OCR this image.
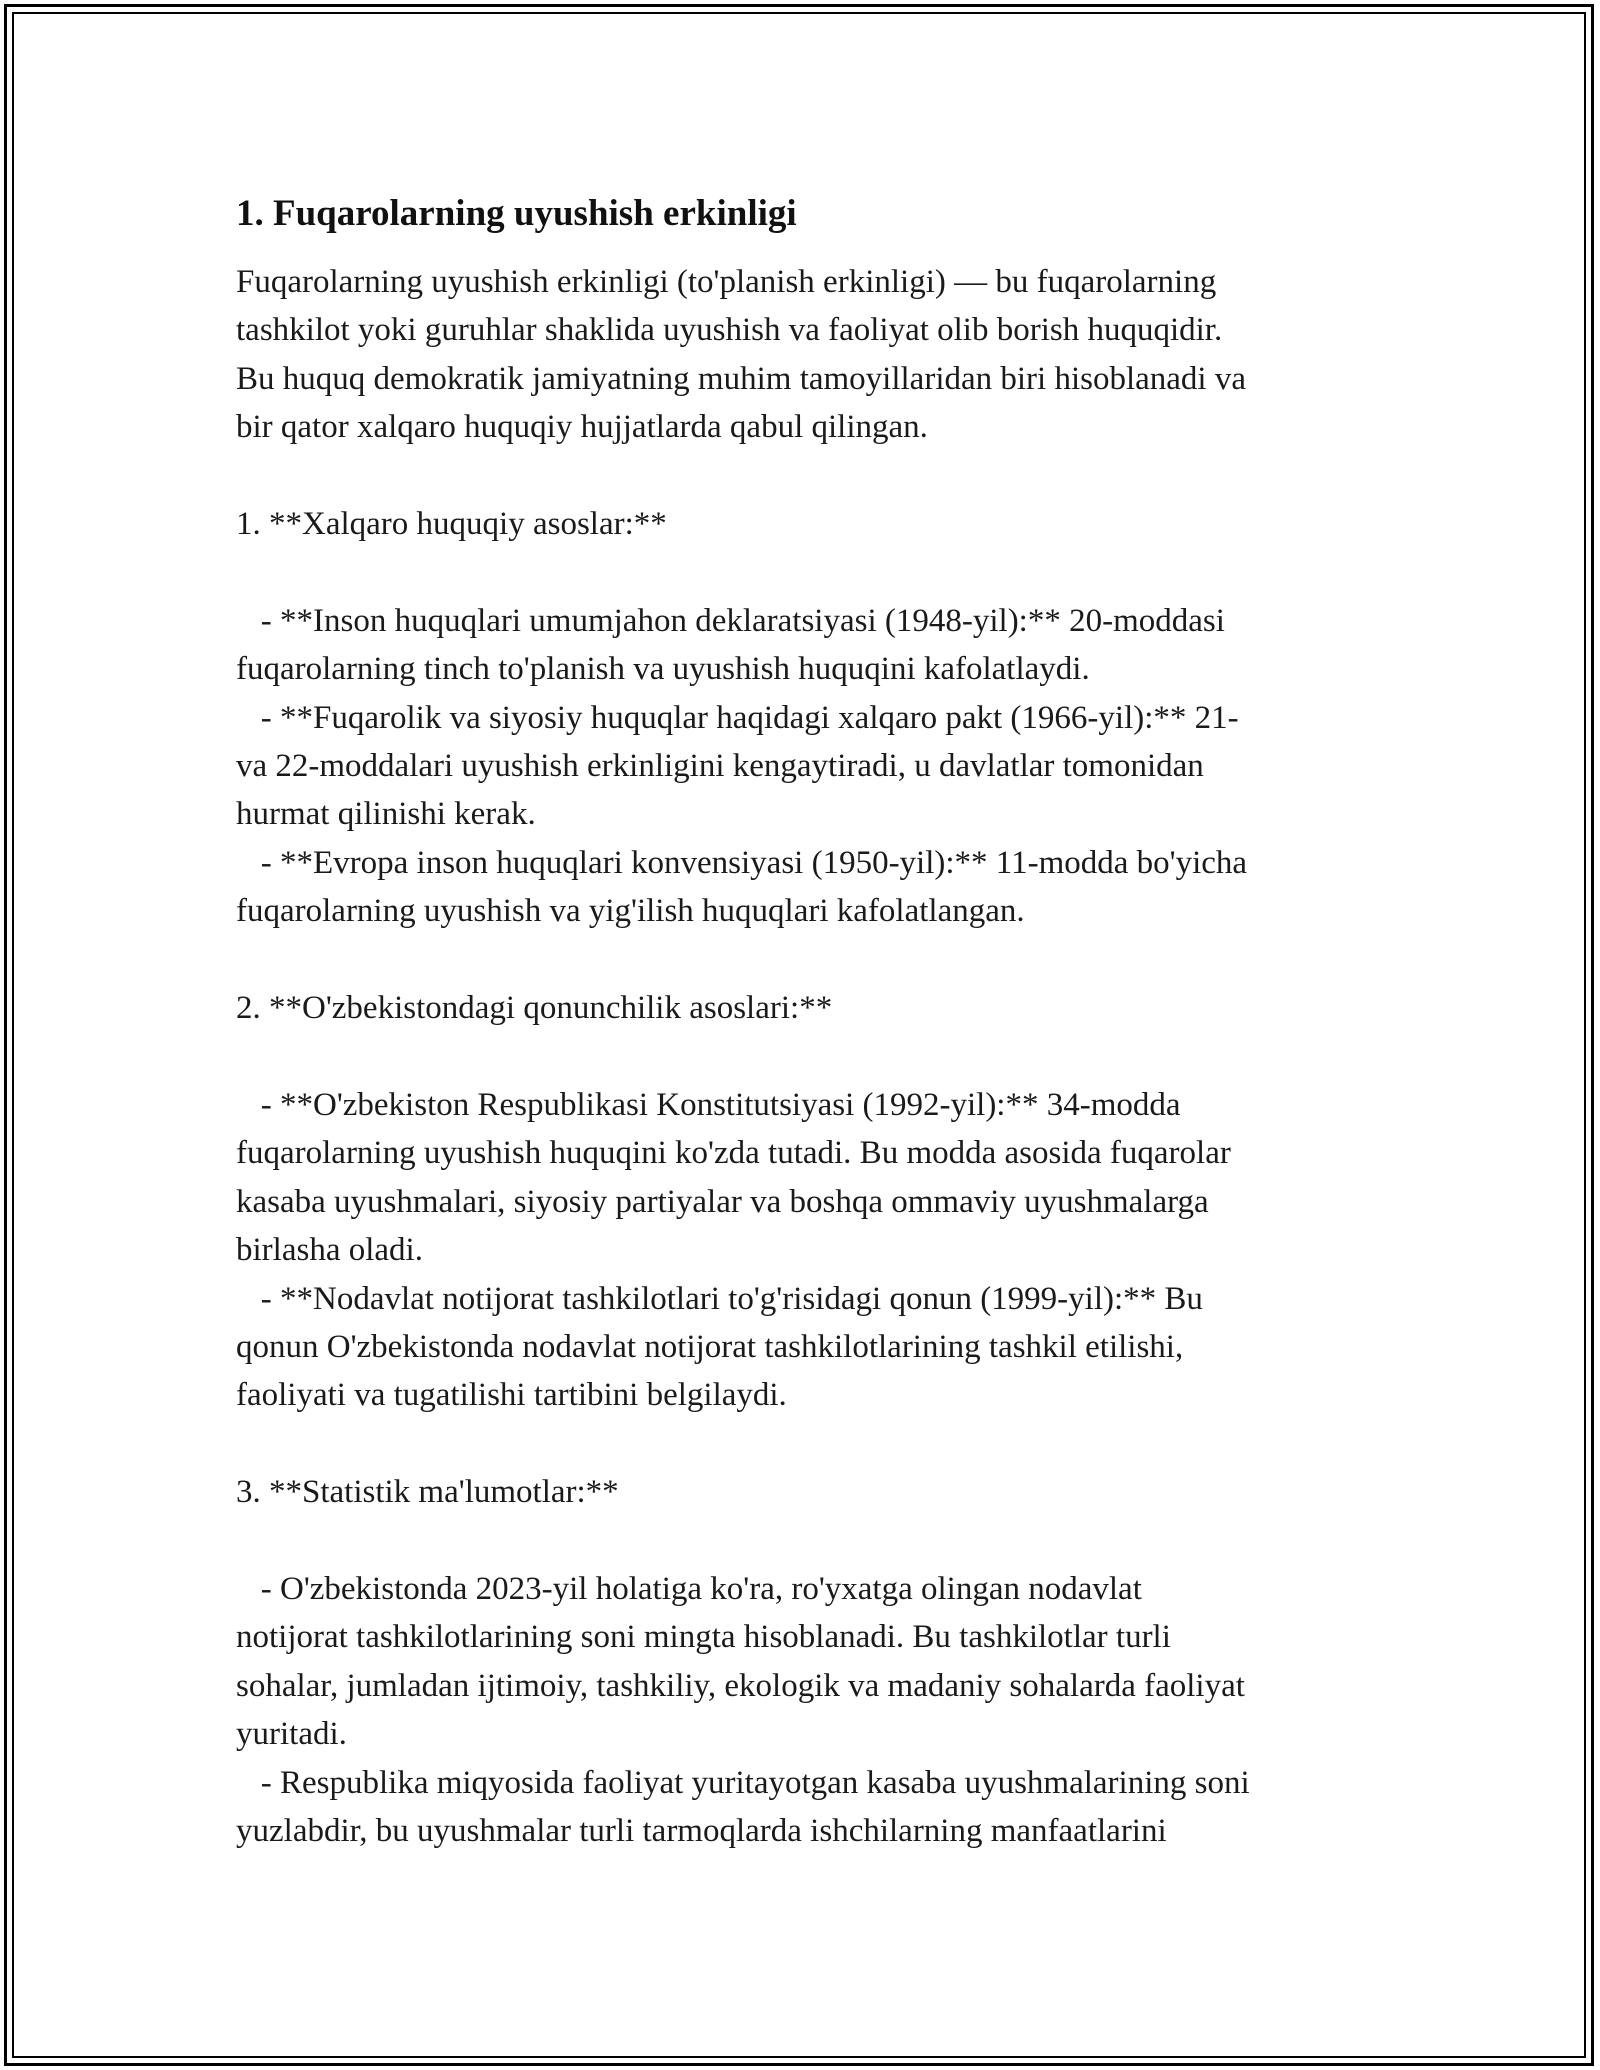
1. Fuqarolarning uyushish erkinligi

Fuqarolarning uyushish erkinligi (to'planish erkinligi) — bu fuqarolarning
tashkilot yoki guruhlar shaklida uyushish va faoliyat olib borish huquqidir.
Bu huquq demokratik jamiyatning muhim tamoyillaridan biri hisoblanadi va
bir qator xalqaro huquqiy hujjatlarda qabul qilingan.

1. **Xalqaro huquqiy asoslar:**

- **Inson huquqlari umumjahon deklaratsiyasi (1948-yil):** 20-moddasi
fuqarolarning tinch to'planish va uyushish huquqini kafolatlaydi.
- **Fuqarolik va siyosiy huquqlar haqidagi xalqaro pakt (1966-yil):** 21-
va 22-moddalari uyushish erkinligini kengaytiradi, u davlatlar tomonidan
hurmat qilinishi kerak.
- **Evropa inson huquqlari konvensiyasi (1950-yil):** 11-modda bo'yicha
fuqarolarning uyushish va yig'ilish huquqlari kafolatlangan.

2. **O'zbekistondagi qonunchilik asoslari:**

- **O'zbekiston Respublikasi Konstitutsiyasi (1992-yil):** 34-modda
fuqarolarning uyushish huquqini ko'zda tutadi. Bu modda asosida fuqarolar
kasaba uyushmalari, siyosiy partiyalar va boshqa ommaviy uyushmalarga
birlasha oladi.
- **Nodavlat notijorat tashkilotlari to'g'risidagi qonun (1999-yil):** Bu
qonun O'zbekistonda nodavlat notijorat tashkilotlarining tashkil etilishi,
faoliyati va tugatilishi tartibini belgilaydi.

3. **Statistik ma'lumotlar:**

- O'zbekistonda 2023-yil holatiga ko'ra, ro'yxatga olingan nodavlat
notijorat tashkilotlarining soni mingta hisoblanadi. Bu tashkilotlar turli
sohalar, jumladan ijtimoiy, tashkiliy, ekologik va madaniy sohalarda faoliyat
yuritadi.
- Respublika miqyosida faoliyat yuritayotgan kasaba uyushmalarining soni
yuzlabdir, bu uyushmalar turli tarmoqlarda ishchilarning manfaatlarini
